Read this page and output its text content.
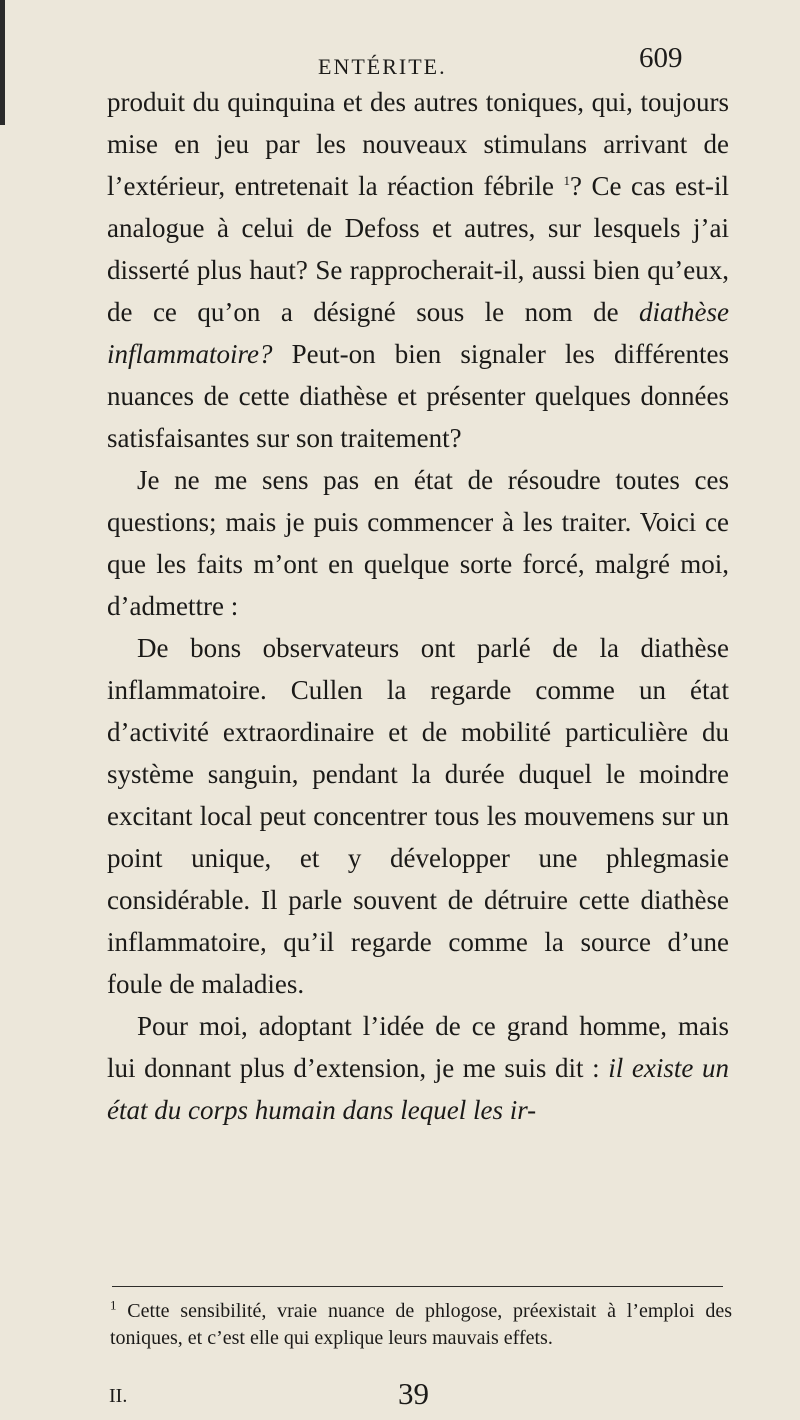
ENTÉRITE.	609

produit du quinquina et des autres toniques, qui, toujours mise en jeu par les nouveaux stimulans arrivant de l’extérieur, entretenait la réaction fébrile $^1$? Ce cas est-il analogue à celui de Defoss et autres, sur lesquels j’ai disserté plus haut? Se rapprocherait-il, aussi bien qu’eux, de ce qu’on a désigné sous le nom de diathèse inflammatoire? Peut-on bien signaler les différentes nuances de cette diathèse et présenter quelques données satisfaisantes sur son traitement?

Je ne me sens pas en état de résoudre toutes ces questions; mais je puis commencer à les traiter. Voici ce que les faits m’ont en quelque sorte forcé, malgré moi, d’admettre :

De bons observateurs ont parlé de la diathèse inflammatoire. Cullen la regarde comme un état d’activité extraordinaire et de mobilité particulière du système sanguin, pendant la durée duquel le moindre excitant local peut concentrer tous les mouvemens sur un point unique, et y développer une phlegmasie considérable. Il parle souvent de détruire cette diathèse inflammatoire, qu’il regarde comme la source d’une foule de maladies.

Pour moi, adoptant l’idée de ce grand homme, mais lui donnant plus d’extension, je me suis dit : il existe un état du corps humain dans lequel les ir-

$^1$ Cette sensibilité, vraie nuance de phlogose, préexistait à l’emploi des toniques, et c’est elle qui explique leurs mauvais effets.
II.	39
